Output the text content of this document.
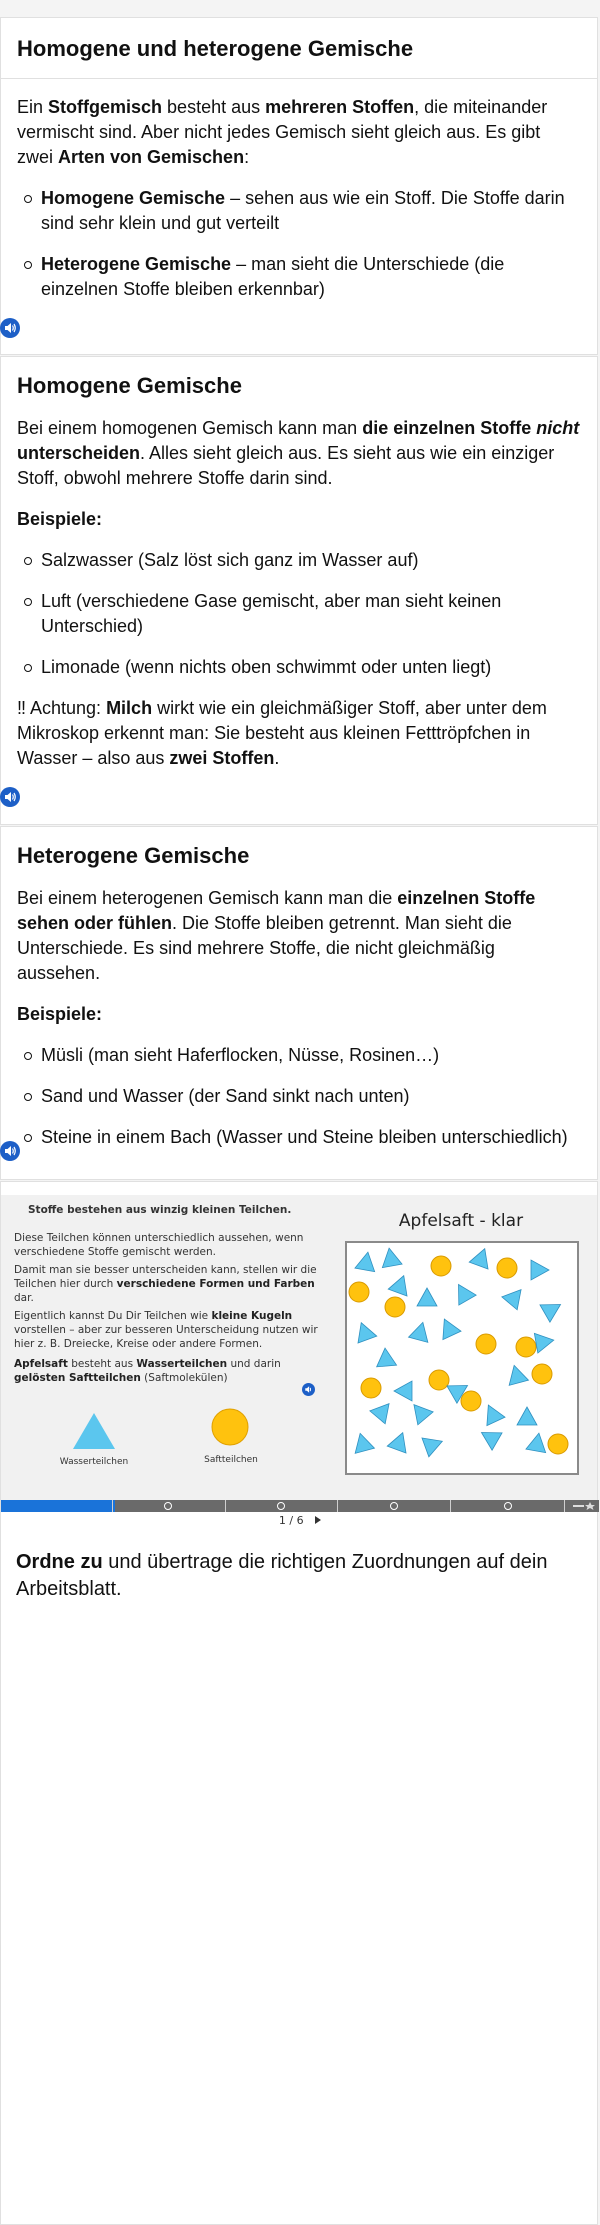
Homogene und heterogene Gemische

Ein Stoffgemisch besteht aus mehreren Stoffen, die miteinander vermischt sind. Aber nicht jedes Gemisch sieht gleich aus. Es gibt zwei Arten von Gemischen:

Homogene Gemische – sehen aus wie ein Stoff. Die Stoffe darin sind sehr klein und gut verteilt
Heterogene Gemische – man sieht die Unterschiede (die einzelnen Stoffe bleiben erkennbar)
Homogene Gemische

Bei einem homogenen Gemisch kann man die einzelnen Stoffe nicht unterscheiden. Alles sieht gleich aus. Es sieht aus wie ein einziger Stoff, obwohl mehrere Stoffe darin sind.

Beispiele:

Salzwasser (Salz löst sich ganz im Wasser auf)
Luft (verschiedene Gase gemischt, aber man sieht keinen Unterschied)
Limonade (wenn nichts oben schwimmt oder unten liegt)

‼ Achtung: Milch wirkt wie ein gleichmäßiger Stoff, aber unter dem Mikroskop erkennt man: Sie besteht aus kleinen Fetttröpfchen in Wasser – also aus zwei Stoffen.

Heterogene Gemische

Bei einem heterogenen Gemisch kann man die einzelnen Stoffe sehen oder fühlen. Die Stoffe bleiben getrennt. Man sieht die Unterschiede. Es sind mehrere Stoffe, die nicht gleichmäßig aussehen.

Beispiele:

Müsli (man sieht Haferflocken, Nüsse, Rosinen…)
Sand und Wasser (der Sand sinkt nach unten)
Steine in einem Bach (Wasser und Steine bleiben unterschiedlich)

Stoffe bestehen aus winzig kleinen Teilchen.

Diese Teilchen können unterschiedlich aussehen, wenn verschiedene Stoffe gemischt werden.

Damit man sie besser unterscheiden kann, stellen wir die Teilchen hier durch verschiedene Formen und Farben dar.

Eigentlich kannst Du Dir Teilchen wie kleine Kugeln vorstellen – aber zur besseren Unterscheidung nutzen wir hier z. B. Dreiecke, Kreise oder andere Formen.

Apfelsaft besteht aus Wasserteilchen und darin gelösten Saftteilchen (Saftmolekülen)

Wasserteilchen	Saftteilchen
Apfelsaft - klar
1 / 6

Ordne zu und übertrage die richtigen Zuordnungen auf dein Arbeitsblatt.
